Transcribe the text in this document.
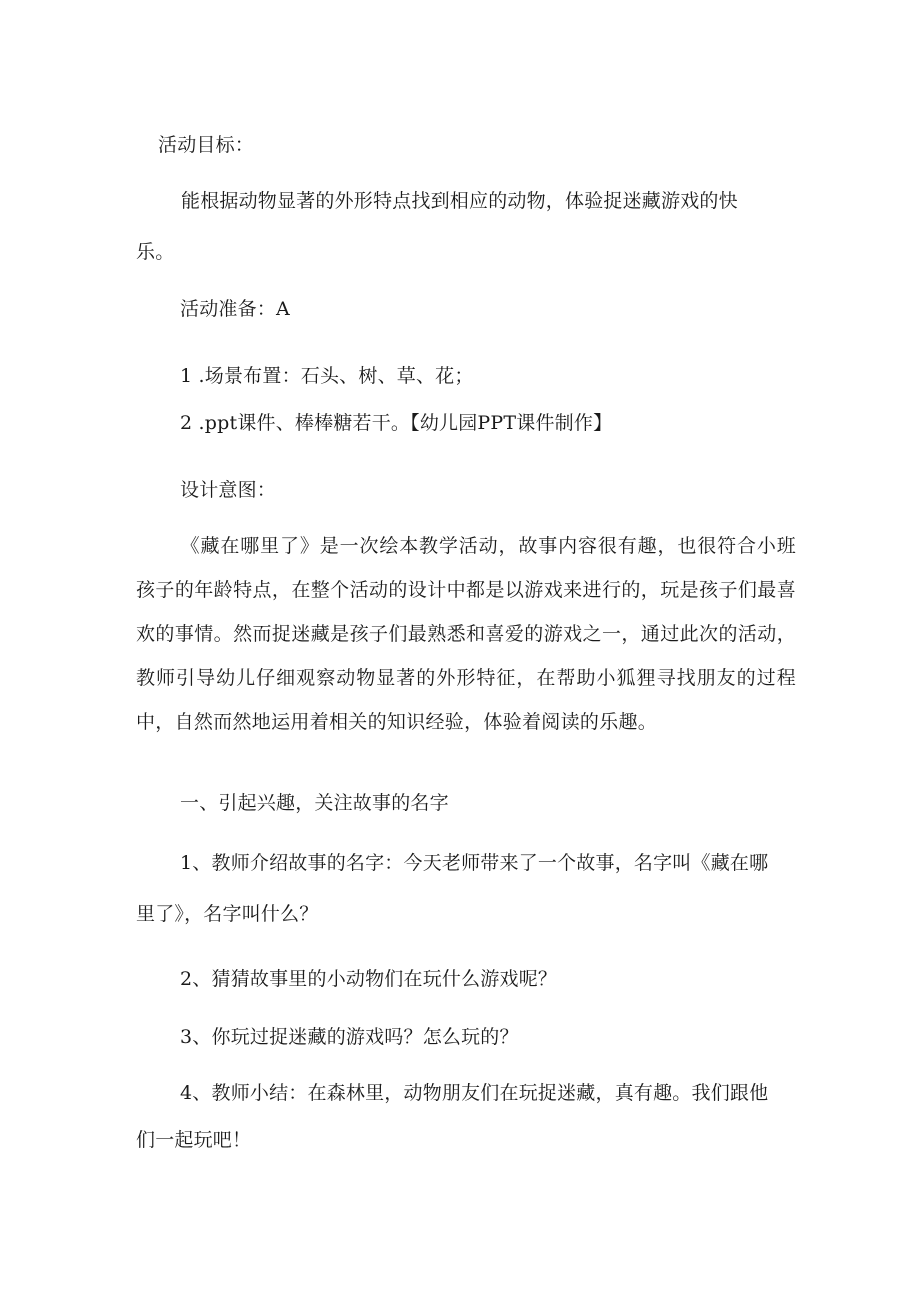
活动目标：
能根据动物显著的外形特点找到相应的动物，体验捉迷藏游戏的快
乐。
活动准备：A
1 .场景布置：石头、树、草、花；
2 .ppt课件、棒棒糖若干。【幼儿园PPT课件制作】
设计意图：
《藏在哪里了》是一次绘本教学活动，故事内容很有趣，也很符合小班孩子的年龄特点，在整个活动的设计中都是以游戏来进行的，玩是孩子们最喜欢的事情。然而捉迷藏是孩子们最熟悉和喜爱的游戏之一，通过此次的活动，教师引导幼儿仔细观察动物显著的外形特征，在帮助小狐狸寻找朋友的过程中，自然而然地运用着相关的知识经验，体验着阅读的乐趣。
一、引起兴趣，关注故事的名字
1、教师介绍故事的名字：今天老师带来了一个故事，名字叫《藏在哪
里了》，名字叫什么？
2、猜猜故事里的小动物们在玩什么游戏呢？
3、你玩过捉迷藏的游戏吗？怎么玩的？
4、教师小结：在森林里，动物朋友们在玩捉迷藏，真有趣。我们跟他
们一起玩吧！
